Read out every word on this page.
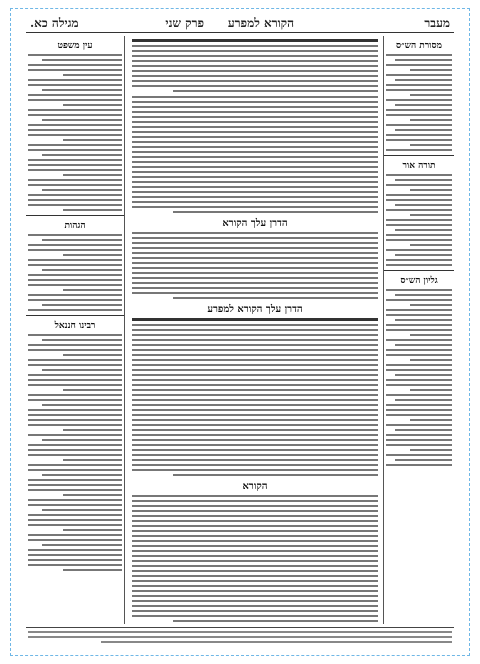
מעבר
פרק שני הקורא למפרע
מגילה כא.
מסורת הש״ס
תורה אור
גליון הש״ס
הדרן עלך הקורא
הדרן עלך הקורא למפרע
הקורא
עין משפט
הגהות
רבינו חננאל
